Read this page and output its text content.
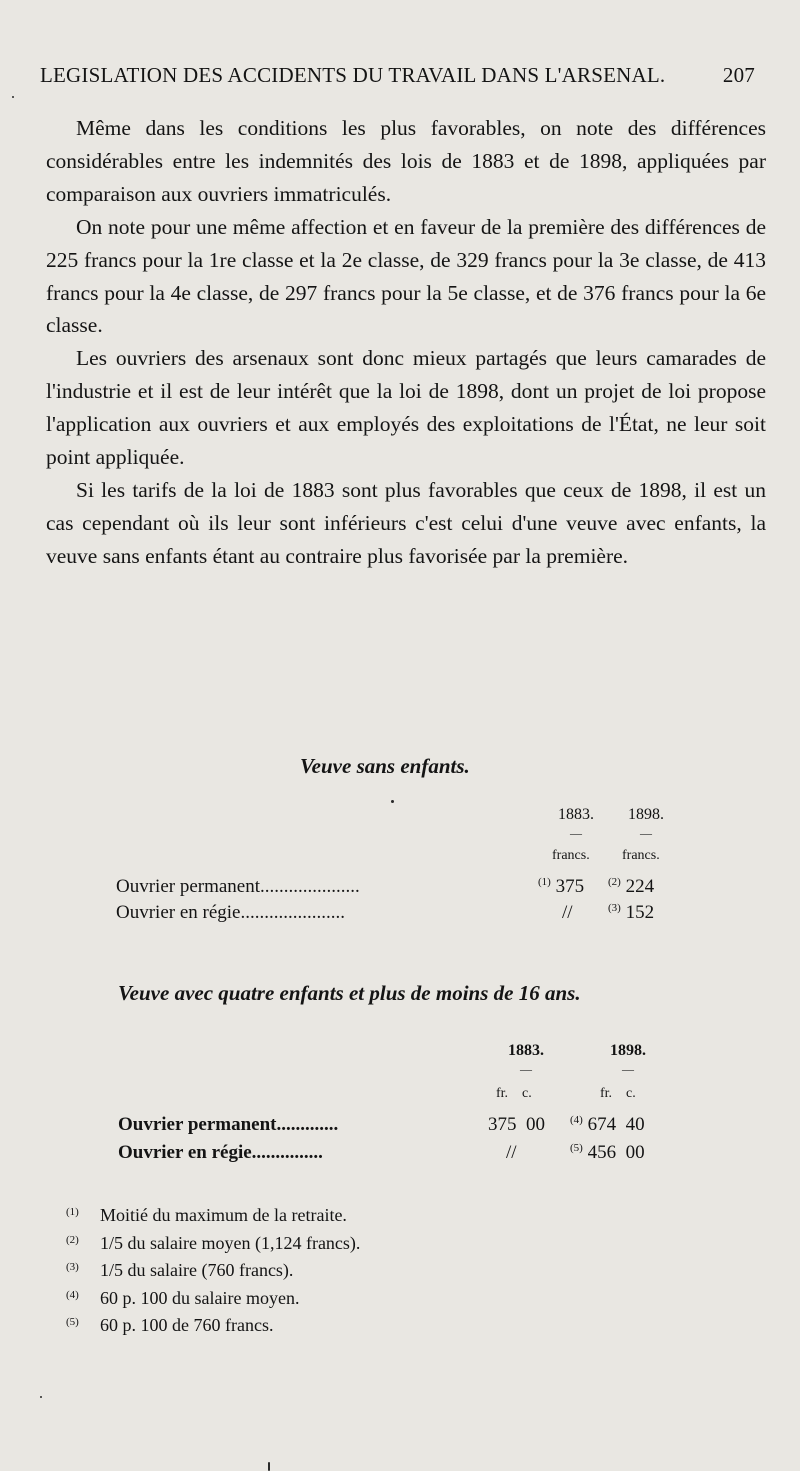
LEGISLATION DES ACCIDENTS DU TRAVAIL DANS L'ARSENAL.	207

Même dans les conditions les plus favorables, on note des différences considérables entre les indemnités des lois de 1883 et de 1898, appliquées par comparaison aux ouvriers immatriculés.

On note pour une même affection et en faveur de la première des différences de 225 francs pour la 1re classe et la 2e classe, de 329 francs pour la 3e classe, de 413 francs pour la 4e classe, de 297 francs pour la 5e classe, et de 376 francs pour la 6e classe.

Les ouvriers des arsenaux sont donc mieux partagés que leurs camarades de l'industrie et il est de leur intérêt que la loi de 1898, dont un projet de loi propose l'application aux ouvriers et aux employés des exploitations de l'État, ne leur soit point appliquée.

Si les tarifs de la loi de 1883 sont plus favorables que ceux de 1898, il est un cas cependant où ils leur sont inférieurs c'est celui d'une veuve avec enfants, la veuve sans enfants étant au contraire plus favorisée par la première.

Veuve sans enfants.
1883. 1898.
—	—
francs. francs.
Ouvrier permanent.....................	$^{(1)}$ 375 $^{(2)}$ 224
Ouvrier en régie......................	//	$^{(3)}$ 152
Veuve avec quatre enfants et plus de moins de 16 ans.
1883.	1898.
—	—
fr.    c.	fr.    c.
Ouvrier permanent.............	375  00 $^{(4)}$ 674  40
Ouvrier en régie...............	//	$^{(5)}$ 456  00
(1) Moitié du maximum de la retraite.
(2) 1/5 du salaire moyen (1,124 francs).
(3) 1/5 du salaire (760 francs).
(4) 60 p. 100 du salaire moyen.
(5) 60 p. 100 de 760 francs.
